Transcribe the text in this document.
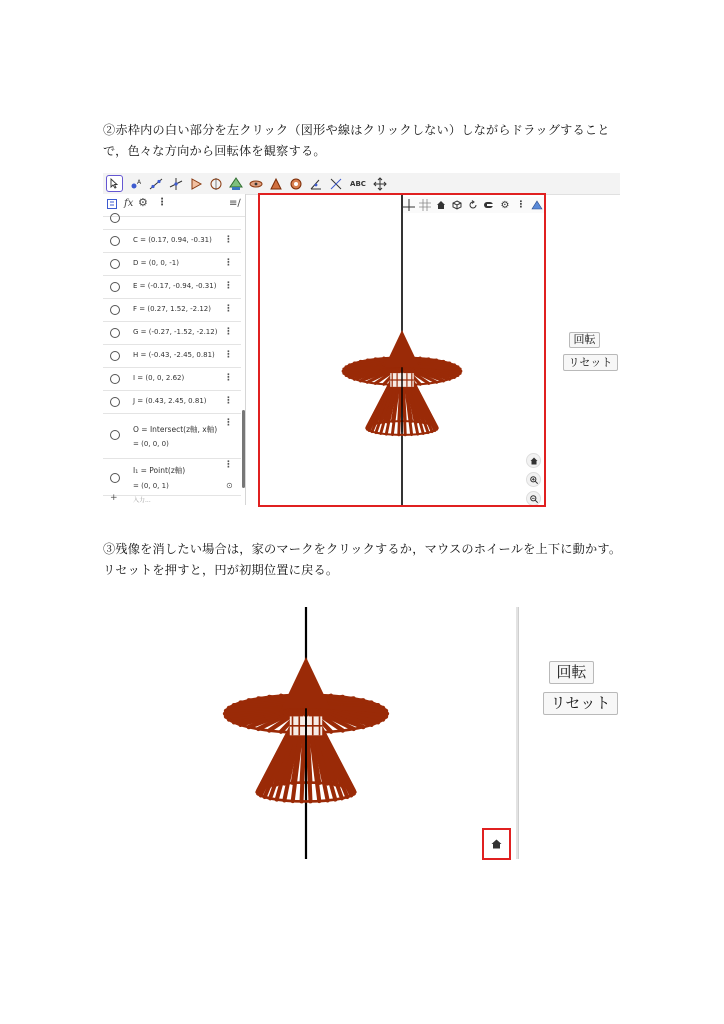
②赤枠内の白い部分を左クリック（図形や線はクリックしない）しながらドラッグすること
で，色々な方向から回転体を観察する。
A	ABC
fx ⚙ ⋮	≡∕
C = (0.17, 0.94, -0.31) ⋮
D = (0, 0, -1)	⋮
E = (-0.17, -0.94, -0.31) ⋮
F = (0.27, 1.52, -2.12) ⋮
G = (-0.27, -1.52, -2.12) ⋮
H = (-0.43, -2.45, 0.81) ⋮
I = (0, 0, 2.62)	⋮
J = (0.43, 2.45, 0.81) ⋮
O = Intersect(z軸, x軸)
= (0, 0, 0)
⋮
I₁ = Point(z軸)
= (0, 0, 1)
⋮
⊙
+	入力...
⚙ ⋮
回転
リセット
③残像を消したい場合は，家のマークをクリックするか，マウスのホイールを上下に動かす。
リセットを押すと，円が初期位置に戻る。
回転
リセット
